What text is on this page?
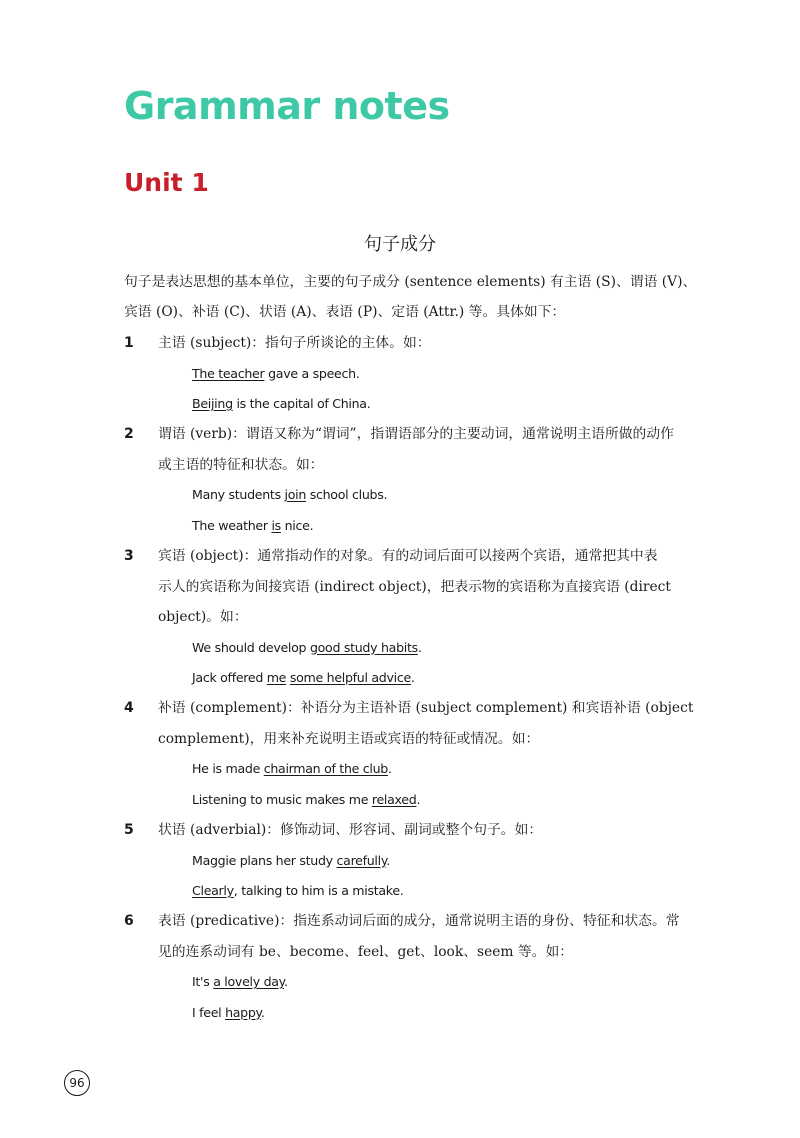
Grammar notes
Unit 1
句子成分

句子是表达思想的基本单位，主要的句子成分 (sentence elements) 有主语 (S)、谓语 (V)、

宾语 (O)、补语 (C)、状语 (A)、表语 (P)、定语 (Attr.) 等。具体如下：

1 主语 (subject)：指句子所谈论的主体。如：

The teacher gave a speech.

Beijing is the capital of China.

2 谓语 (verb)：谓语又称为“谓词”，指谓语部分的主要动词，通常说明主语所做的动作

或主语的特征和状态。如：

Many students join school clubs.

The weather is nice.

3 宾语 (object)：通常指动作的对象。有的动词后面可以接两个宾语，通常把其中表

示人的宾语称为间接宾语 (indirect object)，把表示物的宾语称为直接宾语 (direct

object)。如：

We should develop good study habits.

Jack offered me some helpful advice.

4 补语 (complement)：补语分为主语补语 (subject complement) 和宾语补语 (object

complement)，用来补充说明主语或宾语的特征或情况。如：

He is made chairman of the club.

Listening to music makes me relaxed.

5 状语 (adverbial)：修饰动词、形容词、副词或整个句子。如：

Maggie plans her study carefully.

Clearly, talking to him is a mistake.

6 表语 (predicative)：指连系动词后面的成分，通常说明主语的身份、特征和状态。常

见的连系动词有 be、become、feel、get、look、seem 等。如：

It's a lovely day.

I feel happy.

96
